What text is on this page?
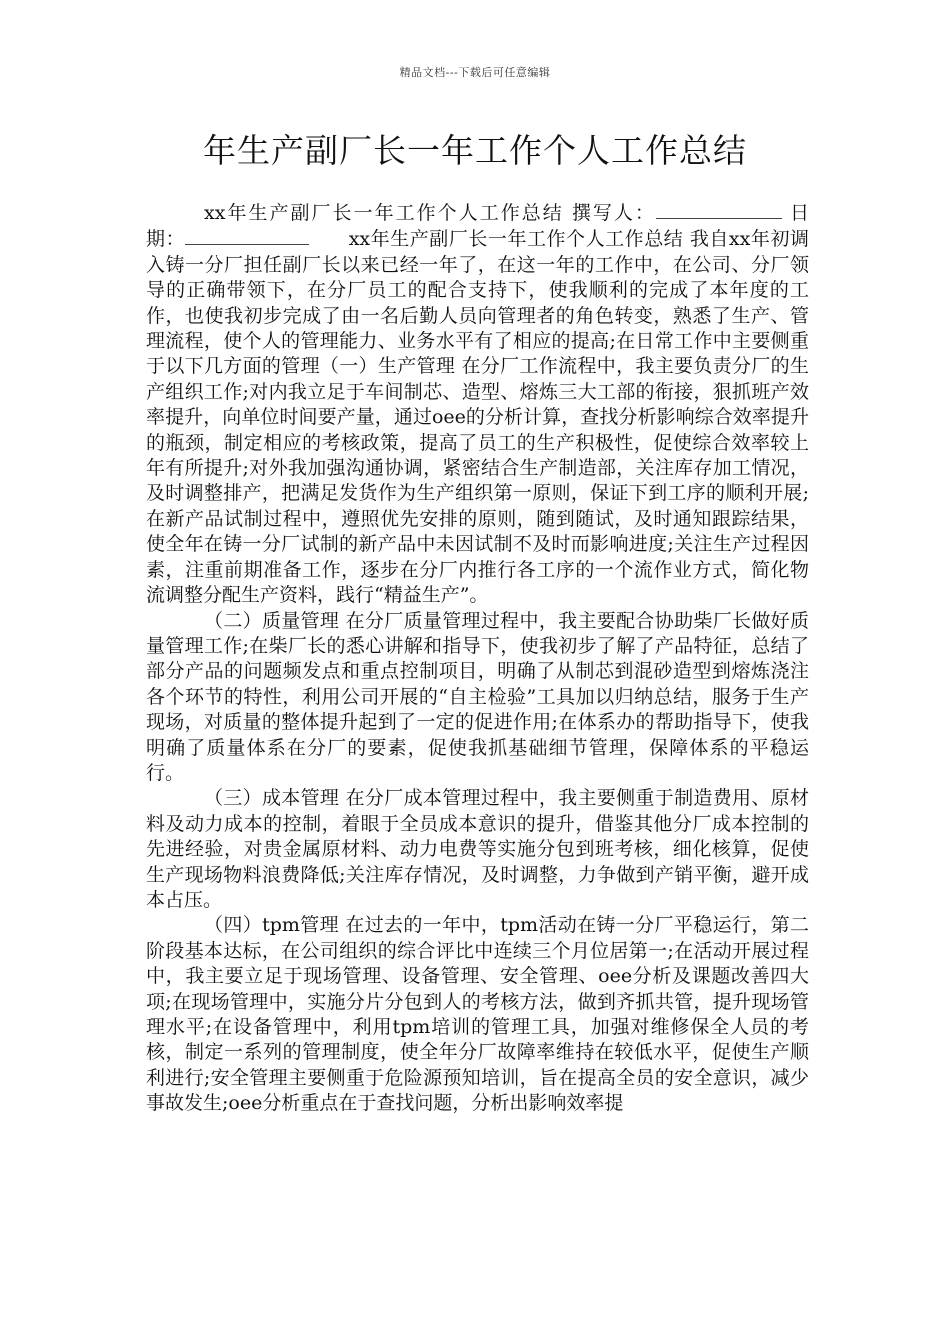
精品文档---下载后可任意编辑
年生产副厂长一年工作个人工作总结

xx年生产副厂长一年工作个人工作总结 撰写人：	日　期：　　	xx年生产副厂长一年工作个人工作总结 我自xx年初调入铸一分厂担任副厂长以来已经一年了，在这一年的工作中，在公司、分厂领导的正确带领下，在分厂员工的配合支持下，使我顺利的完成了本年度的工作，也使我初步完成了由一名后勤人员向管理者的角色转变，熟悉了生产、管理流程，使个人的管理能力、业务水平有了相应的提高;在日常工作中主要侧重于以下几方面的管理（一）生产管理 在分厂工作流程中，我主要负责分厂的生产组织工作;对内我立足于车间制芯、造型、熔炼三大工部的衔接，狠抓班产效率提升，向单位时间要产量，通过oee的分析计算，查找分析影响综合效率提升的瓶颈，制定相应的考核政策，提高了员工的生产积极性，促使综合效率较上年有所提升;对外我加强沟通协调，紧密结合生产制造部，关注库存加工情况，及时调整排产，把满足发货作为生产组织第一原则，保证下到工序的顺利开展;在新产品试制过程中，遵照优先安排的原则，随到随试，及时通知跟踪结果，使全年在铸一分厂试制的新产品中未因试制不及时而影响进度;关注生产过程因素，注重前期准备工作，逐步在分厂内推行各工序的一个流作业方式，简化物流调整分配生产资料，践行“精益生产”。

（二）质量管理 在分厂质量管理过程中，我主要配合协助柴厂长做好质量管理工作;在柴厂长的悉心讲解和指导下，使我初步了解了产品特征，总结了部分产品的问题频发点和重点控制项目，明确了从制芯到混砂造型到熔炼浇注各个环节的特性，利用公司开展的“自主检验”工具加以归纳总结，服务于生产现场，对质量的整体提升起到了一定的促进作用;在体系办的帮助指导下，使我明确了质量体系在分厂的要素，促使我抓基础细节管理，保障体系的平稳运行。

（三）成本管理 在分厂成本管理过程中，我主要侧重于制造费用、原材料及动力成本的控制，着眼于全员成本意识的提升，借鉴其他分厂成本控制的先进经验，对贵金属原材料、动力电费等实施分包到班考核，细化核算，促使生产现场物料浪费降低;关注库存情况，及时调整，力争做到产销平衡，避开成本占压。

（四）tpm管理 在过去的一年中，tpm活动在铸一分厂平稳运行，第二阶段基本达标，在公司组织的综合评比中连续三个月位居第一;在活动开展过程中，我主要立足于现场管理、设备管理、安全管理、oee分析及课题改善四大项;在现场管理中，实施分片分包到人的考核方法，做到齐抓共管，提升现场管理水平;在设备管理中，利用tpm培训的管理工具，加强对维修保全人员的考核，制定一系列的管理制度，使全年分厂故障率维持在较低水平，促使生产顺利进行;安全管理主要侧重于危险源预知培训，旨在提高全员的安全意识，减少事故发生;oee分析重点在于查找问题，分析出影响效率提
